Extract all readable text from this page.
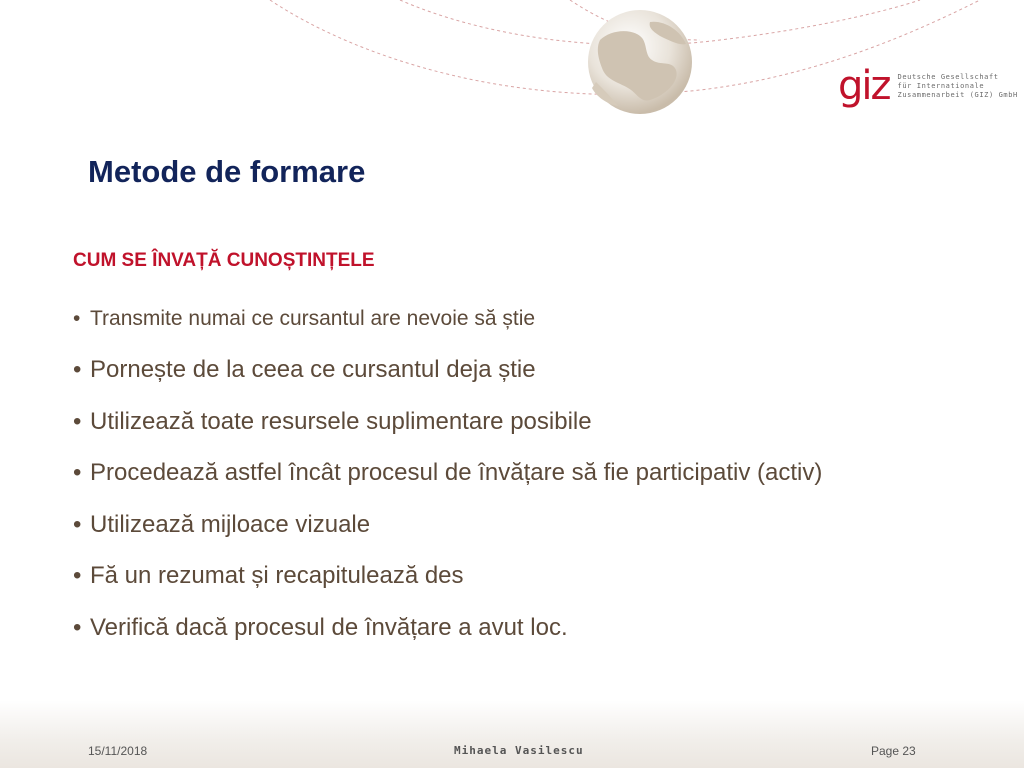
giz Deutsche Gesellschaft
für Internationale
Zusammenarbeit (GIZ) GmbH
Metode de formare
CUM SE ÎNVAȚĂ CUNOȘTINȚELE
• Transmite numai ce cursantul are nevoie să știe
• Pornește de la ceea ce cursantul deja știe
• Utilizează toate resursele suplimentare posibile
• Procedează astfel încât procesul de învățare să fie participativ (activ)
• Utilizează mijloace vizuale
• Fă un rezumat și recapitulează des
• Verifică dacă procesul de învățare a avut loc.
15/11/2018	Mihaela Vasilescu	Page 23
